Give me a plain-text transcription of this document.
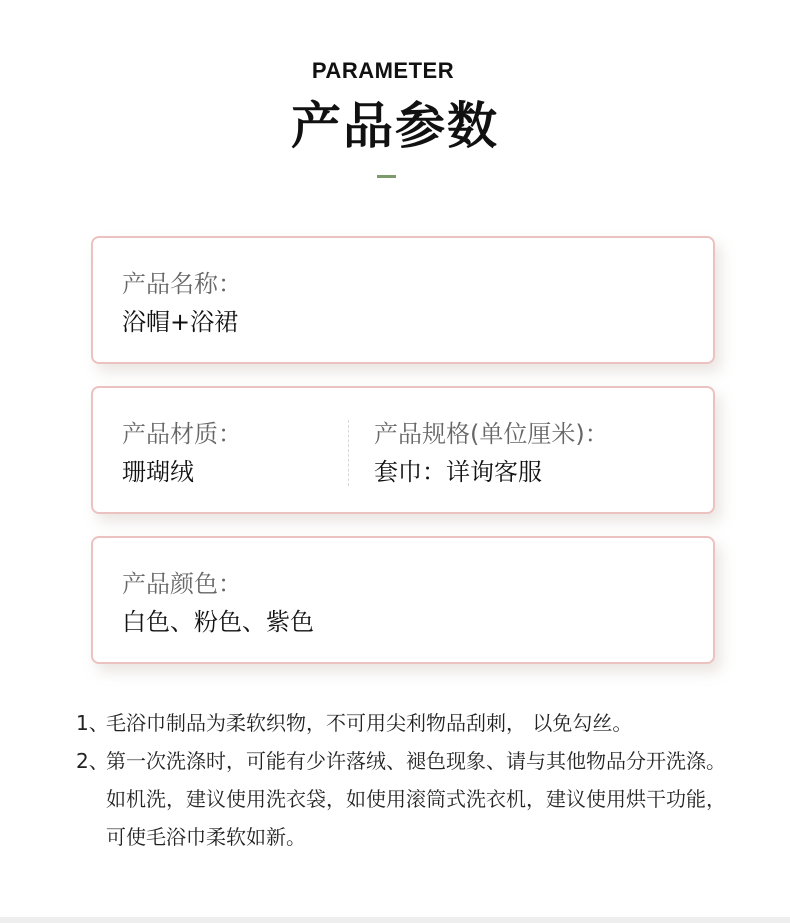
PARAMETER
产品参数
产品名称：
浴帽+浴裙
产品材质：
珊瑚绒
产品规格(单位厘米)：
套巾：详询客服
产品颜色：
白色、粉色、紫色
1、
毛浴巾制品为柔软织物，不可用尖利物品刮刺， 以免勾丝。
2、
第一次洗涤时，可能有少许落绒、褪色现象、请与其他物品分开洗涤。如机洗，建议使用洗衣袋，如使用滚筒式洗衣机，建议使用烘干功能，可使毛浴巾柔软如新。
